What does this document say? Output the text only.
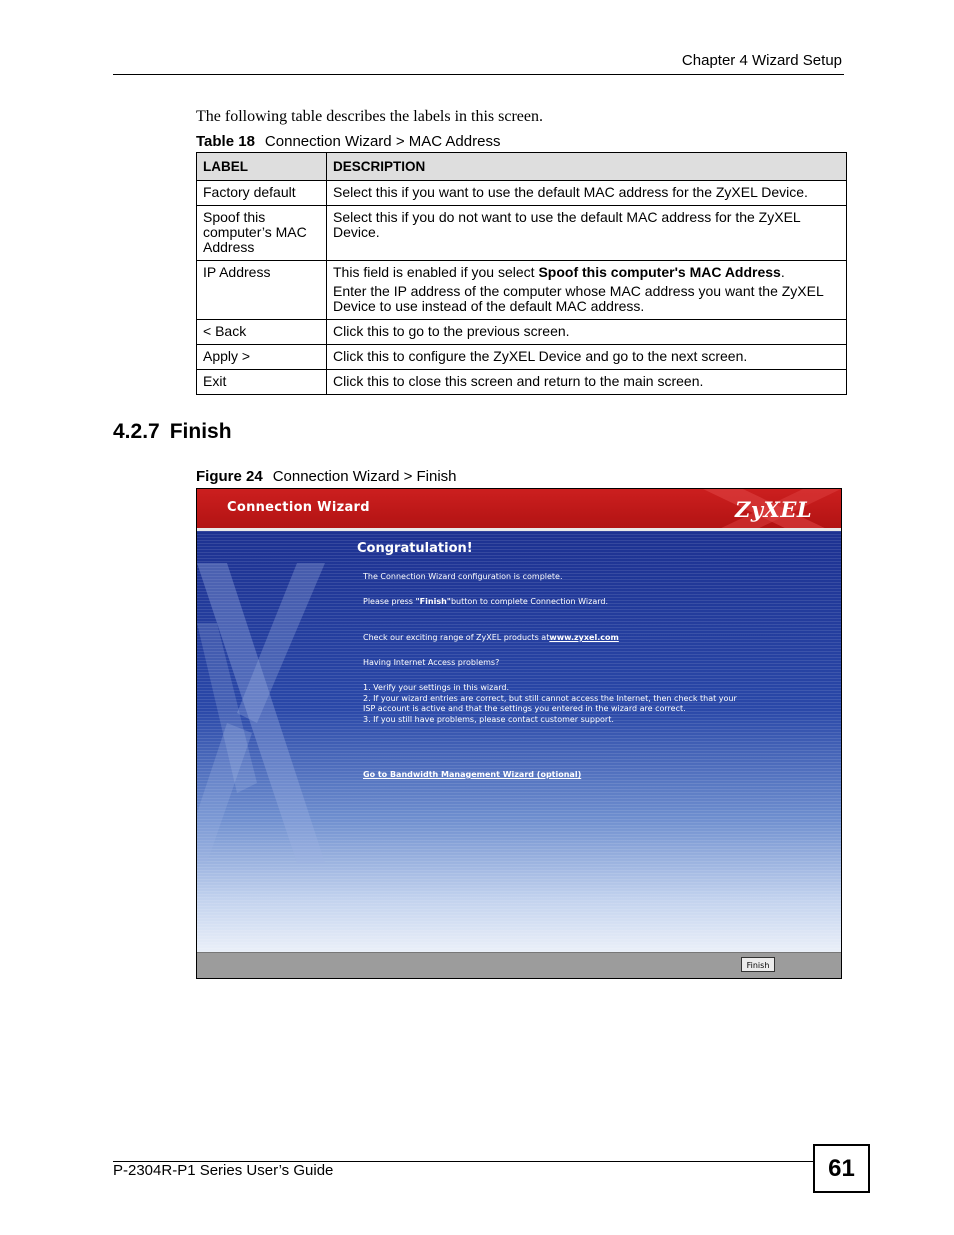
Chapter 4 Wizard Setup
The following table describes the labels in this screen.
Table 18 Connection Wizard > MAC Address
LABEL	DESCRIPTION
Factory default	Select this if you want to use the default MAC address for the ZyXEL Device.
Spoof this computer’s MAC Address	Select this if you do not want to use the default MAC address for the ZyXEL Device.
IP Address	This field is enabled if you select Spoof this computer's MAC Address.

Enter the IP address of the computer whose MAC address you want the ZyXEL Device to use instead of the default MAC address.

< Back	Click this to go to the previous screen.
Apply >	Click this to configure the ZyXEL Device and go to the next screen.
Exit	Click this to close this screen and return to the main screen.
4.2.7 Finish
Figure 24 Connection Wizard > Finish
Connection Wizard	ZyXEL
Congratulation!
The Connection Wizard configuration is complete.
Please press "Finish"button to complete Connection Wizard.
Check our exciting range of ZyXEL products atwww.zyxel.com
Having Internet Access problems?
1. Verify your settings in this wizard.
2. If your wizard entries are correct, but still cannot access the Internet, then check that your
ISP account is active and that the settings you entered in the wizard are correct.
3. If you still have problems, please contact customer support.
Go to Bandwidth Management Wizard (optional)
Finish
P-2304R-P1 Series User’s Guide	61
